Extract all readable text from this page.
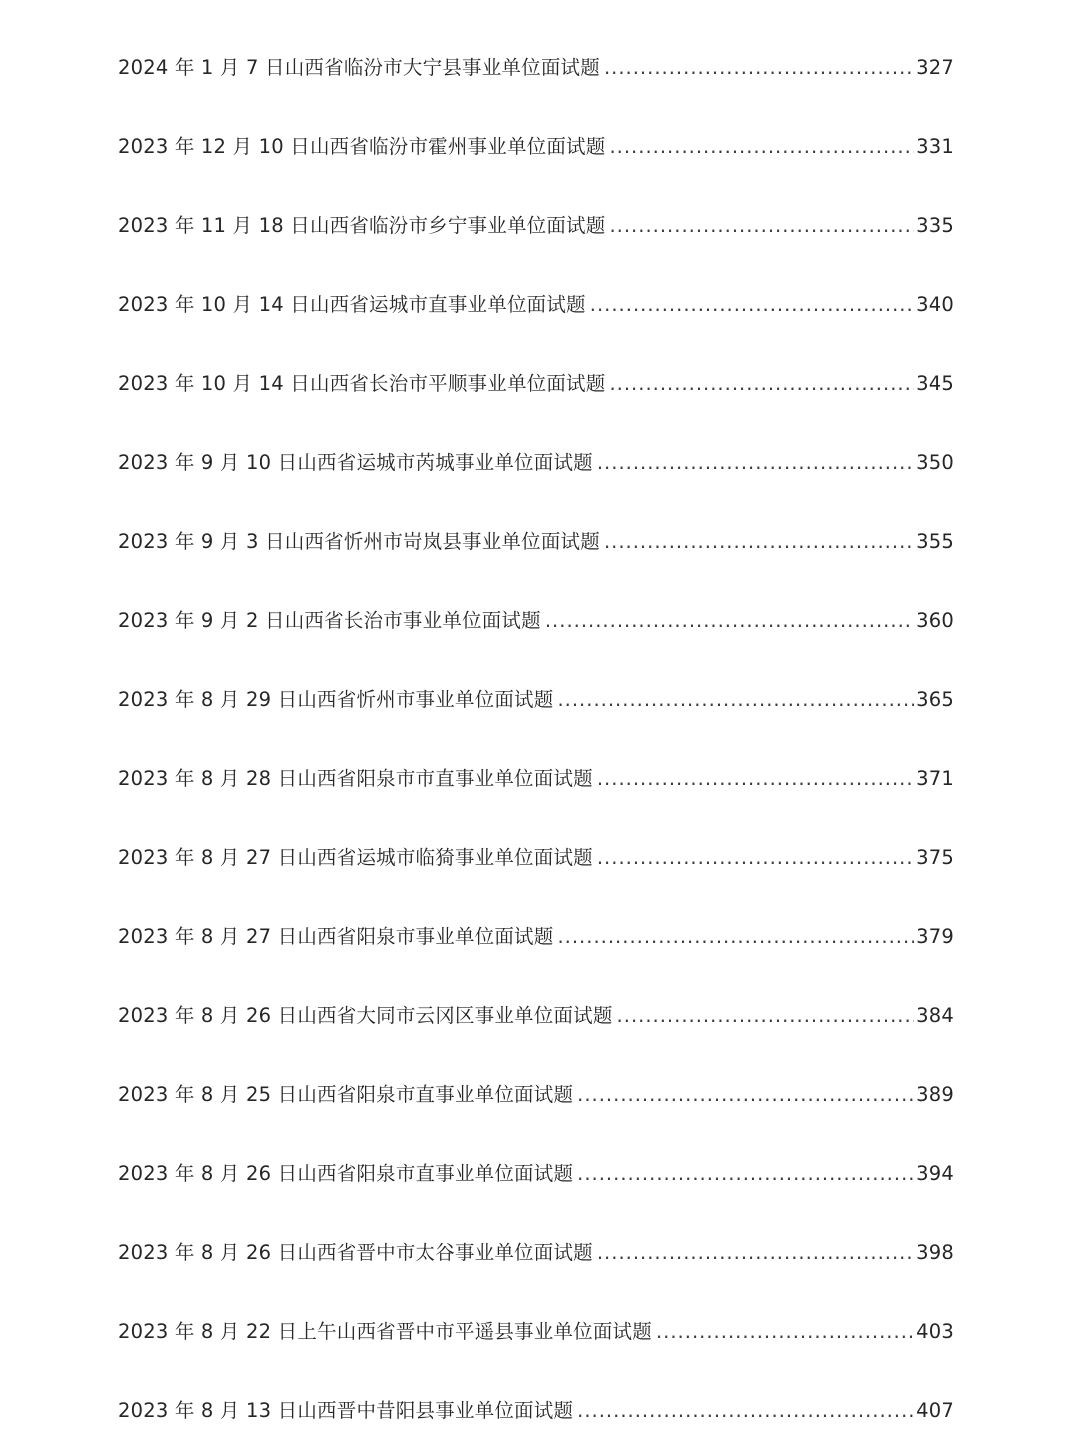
2024 年 1 月 7 日山西省临汾市大宁县事业单位面试题 .....	327
2023 年 12 月 10 日山西省临汾市霍州事业单位面试题 .....	331
2023 年 11 月 18 日山西省临汾市乡宁事业单位面试题 .....	335
2023 年 10 月 14 日山西省运城市直事业单位面试题 .....	340
2023 年 10 月 14 日山西省长治市平顺事业单位面试题 .....	345
2023 年 9 月 10 日山西省运城市芮城事业单位面试题 .....	350
2023 年 9 月 3 日山西省忻州市岢岚县事业单位面试题 .....	355
2023 年 9 月 2 日山西省长治市事业单位面试题 .....	360
2023 年 8 月 29 日山西省忻州市事业单位面试题 .....	365
2023 年 8 月 28 日山西省阳泉市市直事业单位面试题 .....	371
2023 年 8 月 27 日山西省运城市临猗事业单位面试题 .....	375
2023 年 8 月 27 日山西省阳泉市事业单位面试题 .....	379
2023 年 8 月 26 日山西省大同市云冈区事业单位面试题 .....	384
2023 年 8 月 25 日山西省阳泉市直事业单位面试题 .....	389
2023 年 8 月 26 日山西省阳泉市直事业单位面试题 .....	394
2023 年 8 月 26 日山西省晋中市太谷事业单位面试题 .....	398
2023 年 8 月 22 日上午山西省晋中市平遥县事业单位面试题 .....	403
2023 年 8 月 13 日山西晋中昔阳县事业单位面试题 .....	407
